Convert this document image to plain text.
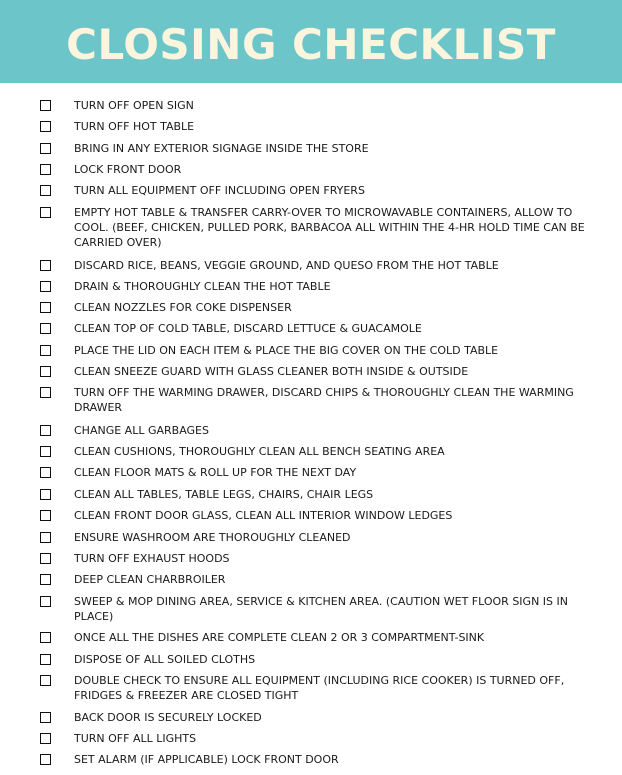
CLOSING CHECKLIST
TURN OFF OPEN SIGN
TURN OFF HOT TABLE
BRING IN ANY EXTERIOR SIGNAGE INSIDE THE STORE
LOCK FRONT DOOR
TURN ALL EQUIPMENT OFF INCLUDING OPEN FRYERS
EMPTY HOT TABLE & TRANSFER CARRY-OVER TO MICROWAVABLE CONTAINERS, ALLOW TO COOL. (BEEF, CHICKEN, PULLED PORK, BARBACOA ALL WITHIN THE 4-HR HOLD TIME CAN BE CARRIED OVER)
DISCARD RICE, BEANS, VEGGIE GROUND, AND QUESO FROM THE HOT TABLE
DRAIN & THOROUGHLY CLEAN THE HOT TABLE
CLEAN NOZZLES FOR COKE DISPENSER
CLEAN TOP OF COLD TABLE, DISCARD LETTUCE & GUACAMOLE
PLACE THE LID ON EACH ITEM & PLACE THE BIG COVER ON THE COLD TABLE
CLEAN SNEEZE GUARD WITH GLASS CLEANER BOTH INSIDE & OUTSIDE
TURN OFF THE WARMING DRAWER, DISCARD CHIPS & THOROUGHLY CLEAN THE WARMING DRAWER
CHANGE ALL GARBAGES
CLEAN CUSHIONS, THOROUGHLY CLEAN ALL BENCH SEATING AREA
CLEAN FLOOR MATS & ROLL UP FOR THE NEXT DAY
CLEAN ALL TABLES, TABLE LEGS, CHAIRS, CHAIR LEGS
CLEAN FRONT DOOR GLASS, CLEAN ALL INTERIOR WINDOW LEDGES
ENSURE WASHROOM ARE THOROUGHLY CLEANED
TURN OFF EXHAUST HOODS
DEEP CLEAN CHARBROILER
SWEEP & MOP DINING AREA, SERVICE & KITCHEN AREA. (CAUTION WET FLOOR SIGN IS IN PLACE)
ONCE ALL THE DISHES ARE COMPLETE CLEAN 2 OR 3 COMPARTMENT-SINK
DISPOSE OF ALL SOILED CLOTHS
DOUBLE CHECK TO ENSURE ALL EQUIPMENT (INCLUDING RICE COOKER) IS TURNED OFF, FRIDGES & FREEZER ARE CLOSED TIGHT
BACK DOOR IS SECURELY LOCKED
TURN OFF ALL LIGHTS
SET ALARM (IF APPLICABLE) LOCK FRONT DOOR
